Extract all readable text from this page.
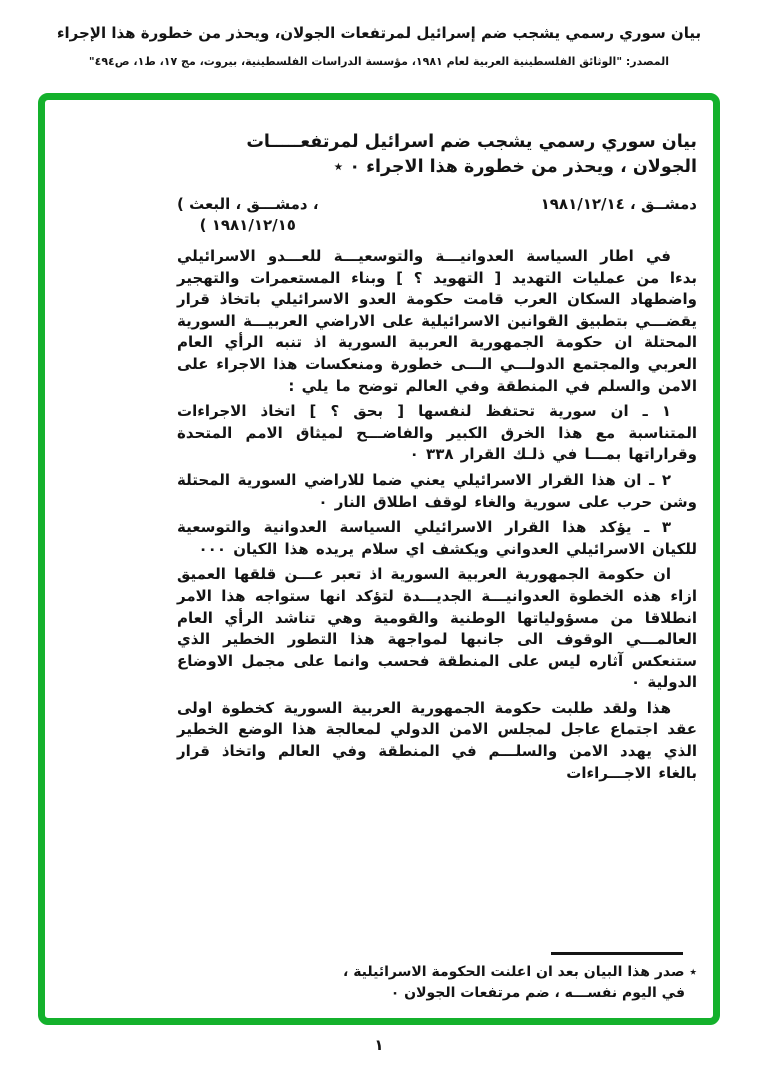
بيان سوري رسمي يشجب ضم إسرائيل لمرتفعات الجولان، ويحذر من خطورة هذا الإجراء
المصدر: "الوثائق الفلسطينية العربية لعام ١٩٨١، مؤسسة الدراسات الفلسطينية، بيروت، مج ١٧، ط١، ص٤٩٤"
بيان سوري رسمي يشجب ضم اسرائيل لمرتفعـــــات
الجولان ، ويحذر من خطورة هذا الاجراء ٠ ٭
دمشــق ، ١٩٨١/١٢/١٤
( ⁧البعث⁩ ، ⁧دمشـــق⁩ ،
( ١٩٨١/١٢/١٥

في اطار السياسة العدوانيـــة والتوسعيـــة للعـــدو الاسرائيلي بدءا من عمليات التهديد [ التهويد ؟ ] وبناء المستعمرات والتهجير واضطهاد السكان العرب قامت حكومة العدو الاسرائيلي باتخاذ قرار يقضـــي بتطبيق القوانين الاسرائيلية على الاراضي العربيـــة السورية المحتلة ان حكومة الجمهورية العربية السورية اذ تنبه الرأي العام العربي والمجتمع الدولـــي الـــى خطورة ومنعكسات هذا الاجراء على الامن والسلم في المنطقة وفي العالم توضح ما يلي :

١ ـ ان سورية تحتفظ لنفسها [ بحق ؟ ] اتخاذ الاجراءات المتناسبة مع هذا الخرق الكبير والفاضـــح لميثاق الامم المتحدة وقراراتها بمـــا في ذلـك القرار ٣٣٨ ٠

٢ ـ ان هذا القرار الاسرائيلي يعني ضما للاراضي السورية المحتلة وشن حرب على سورية والغاء لوقف اطلاق النار ٠

٣ ـ يؤكد هذا القرار الاسرائيلي السياسة العدوانية والتوسعية للكيان الاسرائيلي العدواني ويكشف اي سلام يريده هذا الكيان ٠٠٠

ان حكومة الجمهورية العربية السورية اذ تعبر عـــن قلقها العميق ازاء هذه الخطوة العدوانيـــة الجديـــدة لتؤكد انها ستواجه هذا الامر انطلاقا من مسؤولياتها الوطنية والقومية وهي تناشد الرأي العام العالمـــي الوقوف الى جانبها لمواجهة هذا التطور الخطير الذي ستنعكس آثاره ليس على المنطقة فحسب وانما على مجمل الاوضاع الدولية ٠

هذا ولقد طلبت حكومة الجمهورية العربية السورية كخطوة اولى عقد اجتماع عاجل لمجلس الامن الدولي لمعالجة هذا الوضع الخطير الذي يهدد الامن والسلـــم في المنطقة وفي العالم واتخاذ قرار بالغاء الاجـــراءات

٭ صدر هذا البيان بعد ان اعلنت الحكومة الاسرائيلية ،
في اليوم نفســـه ، ضم مرتفعات الجولان ٠
١
